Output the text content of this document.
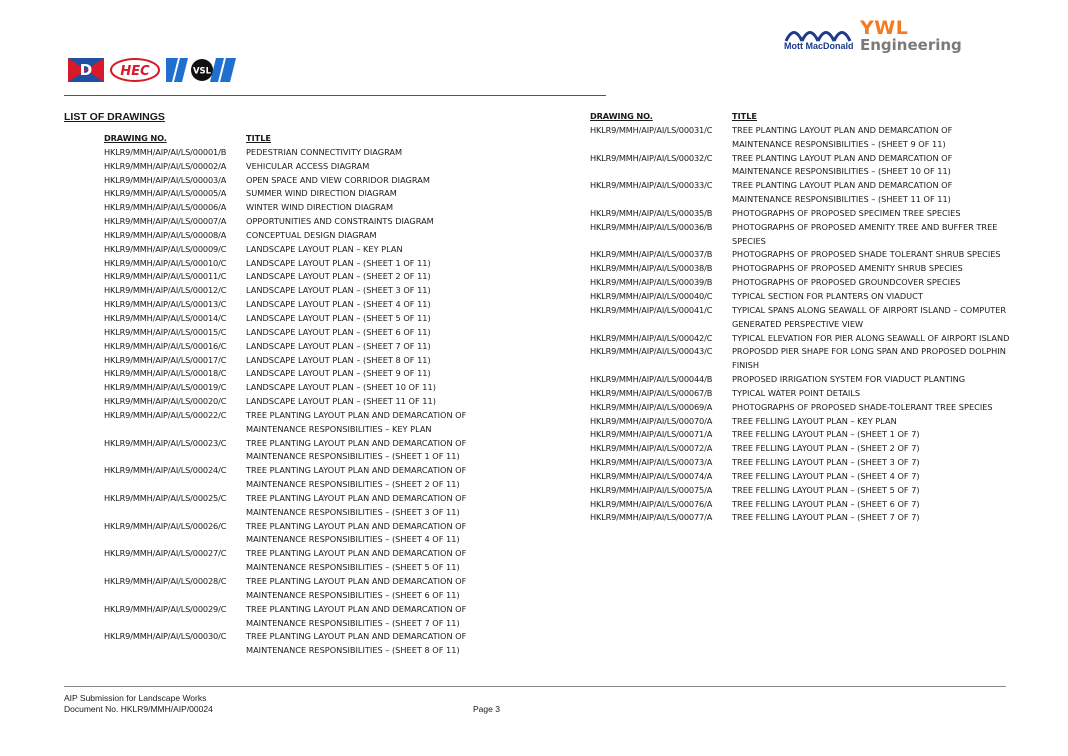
D HEC	VSL
Mott MacDonald
YWL
Engineering
LIST OF DRAWINGS
DRAWING NO.	TITLE
HKLR9/MMH/AIP/AI/LS/00001/B	PEDESTRIAN CONNECTIVITY DIAGRAM
HKLR9/MMH/AIP/AI/LS/00002/A	VEHICULAR ACCESS DIAGRAM
HKLR9/MMH/AIP/AI/LS/00003/A	OPEN SPACE AND VIEW CORRIDOR DIAGRAM
HKLR9/MMH/AIP/AI/LS/00005/A	SUMMER WIND DIRECTION DIAGRAM
HKLR9/MMH/AIP/AI/LS/00006/A	WINTER WIND DIRECTION DIAGRAM
HKLR9/MMH/AIP/AI/LS/00007/A	OPPORTUNITIES AND CONSTRAINTS DIAGRAM
HKLR9/MMH/AIP/AI/LS/00008/A	CONCEPTUAL DESIGN DIAGRAM
HKLR9/MMH/AIP/AI/LS/00009/C	LANDSCAPE LAYOUT PLAN – KEY PLAN
HKLR9/MMH/AIP/AI/LS/00010/C	LANDSCAPE LAYOUT PLAN – (SHEET 1 OF 11)
HKLR9/MMH/AIP/AI/LS/00011/C	LANDSCAPE LAYOUT PLAN – (SHEET 2 OF 11)
HKLR9/MMH/AIP/AI/LS/00012/C	LANDSCAPE LAYOUT PLAN – (SHEET 3 OF 11)
HKLR9/MMH/AIP/AI/LS/00013/C	LANDSCAPE LAYOUT PLAN – (SHEET 4 OF 11)
HKLR9/MMH/AIP/AI/LS/00014/C	LANDSCAPE LAYOUT PLAN – (SHEET 5 OF 11)
HKLR9/MMH/AIP/AI/LS/00015/C	LANDSCAPE LAYOUT PLAN – (SHEET 6 OF 11)
HKLR9/MMH/AIP/AI/LS/00016/C	LANDSCAPE LAYOUT PLAN – (SHEET 7 OF 11)
HKLR9/MMH/AIP/AI/LS/00017/C	LANDSCAPE LAYOUT PLAN – (SHEET 8 OF 11)
HKLR9/MMH/AIP/AI/LS/00018/C	LANDSCAPE LAYOUT PLAN – (SHEET 9 OF 11)
HKLR9/MMH/AIP/AI/LS/00019/C	LANDSCAPE LAYOUT PLAN – (SHEET 10 OF 11)
HKLR9/MMH/AIP/AI/LS/00020/C	LANDSCAPE LAYOUT PLAN – (SHEET 11 OF 11)
HKLR9/MMH/AIP/AI/LS/00022/C	TREE PLANTING LAYOUT PLAN AND DEMARCATION OF MAINTENANCE RESPONSIBILITIES – KEY PLAN
HKLR9/MMH/AIP/AI/LS/00023/C	TREE PLANTING LAYOUT PLAN AND DEMARCATION OF MAINTENANCE RESPONSIBILITIES – (SHEET 1 OF 11)
HKLR9/MMH/AIP/AI/LS/00024/C	TREE PLANTING LAYOUT PLAN AND DEMARCATION OF MAINTENANCE RESPONSIBILITIES – (SHEET 2 OF 11)
HKLR9/MMH/AIP/AI/LS/00025/C	TREE PLANTING LAYOUT PLAN AND DEMARCATION OF MAINTENANCE RESPONSIBILITIES – (SHEET 3 OF 11)
HKLR9/MMH/AIP/AI/LS/00026/C	TREE PLANTING LAYOUT PLAN AND DEMARCATION OF MAINTENANCE RESPONSIBILITIES – (SHEET 4 OF 11)
HKLR9/MMH/AIP/AI/LS/00027/C	TREE PLANTING LAYOUT PLAN AND DEMARCATION OF MAINTENANCE RESPONSIBILITIES – (SHEET 5 OF 11)
HKLR9/MMH/AIP/AI/LS/00028/C	TREE PLANTING LAYOUT PLAN AND DEMARCATION OF MAINTENANCE RESPONSIBILITIES – (SHEET 6 OF 11)
HKLR9/MMH/AIP/AI/LS/00029/C	TREE PLANTING LAYOUT PLAN AND DEMARCATION OF MAINTENANCE RESPONSIBILITIES – (SHEET 7 OF 11)
HKLR9/MMH/AIP/AI/LS/00030/C	TREE PLANTING LAYOUT PLAN AND DEMARCATION OF MAINTENANCE RESPONSIBILITIES – (SHEET 8 OF 11)
DRAWING NO.	TITLE
HKLR9/MMH/AIP/AI/LS/00031/C	TREE PLANTING LAYOUT PLAN AND DEMARCATION OF MAINTENANCE RESPONSIBILITIES – (SHEET 9 OF 11)
HKLR9/MMH/AIP/AI/LS/00032/C	TREE PLANTING LAYOUT PLAN AND DEMARCATION OF MAINTENANCE RESPONSIBILITIES – (SHEET 10 OF 11)
HKLR9/MMH/AIP/AI/LS/00033/C	TREE PLANTING LAYOUT PLAN AND DEMARCATION OF MAINTENANCE RESPONSIBILITIES – (SHEET 11 OF 11)
HKLR9/MMH/AIP/AI/LS/00035/B	PHOTOGRAPHS OF PROPOSED SPECIMEN TREE SPECIES
HKLR9/MMH/AIP/AI/LS/00036/B	PHOTOGRAPHS OF PROPOSED AMENITY TREE AND BUFFER TREE SPECIES
HKLR9/MMH/AIP/AI/LS/00037/B	PHOTOGRAPHS OF PROPOSED SHADE TOLERANT SHRUB SPECIES
HKLR9/MMH/AIP/AI/LS/00038/B	PHOTOGRAPHS OF PROPOSED AMENITY SHRUB SPECIES
HKLR9/MMH/AIP/AI/LS/00039/B	PHOTOGRAPHS OF PROPOSED GROUNDCOVER SPECIES
HKLR9/MMH/AIP/AI/LS/00040/C	TYPICAL SECTION FOR PLANTERS ON VIADUCT
HKLR9/MMH/AIP/AI/LS/00041/C	TYPICAL SPANS ALONG SEAWALL OF AIRPORT ISLAND – COMPUTER GENERATED PERSPECTIVE VIEW
HKLR9/MMH/AIP/AI/LS/00042/C	TYPICAL ELEVATION FOR PIER ALONG SEAWALL OF AIRPORT ISLAND
HKLR9/MMH/AIP/AI/LS/00043/C	PROPOSDD PIER SHAPE FOR LONG SPAN AND PROPOSED DOLPHIN FINISH
HKLR9/MMH/AIP/AI/LS/00044/B	PROPOSED IRRIGATION SYSTEM FOR VIADUCT PLANTING
HKLR9/MMH/AIP/AI/LS/00067/B	TYPICAL WATER POINT DETAILS
HKLR9/MMH/AIP/AI/LS/00069/A	PHOTOGRAPHS OF PROPOSED SHADE-TOLERANT TREE SPECIES
HKLR9/MMH/AIP/AI/LS/00070/A	TREE FELLING LAYOUT PLAN – KEY PLAN
HKLR9/MMH/AIP/AI/LS/00071/A	TREE FELLING LAYOUT PLAN – (SHEET 1 OF 7)
HKLR9/MMH/AIP/AI/LS/00072/A	TREE FELLING LAYOUT PLAN – (SHEET 2 OF 7)
HKLR9/MMH/AIP/AI/LS/00073/A	TREE FELLING LAYOUT PLAN – (SHEET 3 OF 7)
HKLR9/MMH/AIP/AI/LS/00074/A	TREE FELLING LAYOUT PLAN – (SHEET 4 OF 7)
HKLR9/MMH/AIP/AI/LS/00075/A	TREE FELLING LAYOUT PLAN – (SHEET 5 OF 7)
HKLR9/MMH/AIP/AI/LS/00076/A	TREE FELLING LAYOUT PLAN – (SHEET 6 OF 7)
HKLR9/MMH/AIP/AI/LS/00077/A	TREE FELLING LAYOUT PLAN – (SHEET 7 OF 7)
AIP Submission for Landscape Works
Document No. HKLR9/MMH/AIP/00024	Page 3
